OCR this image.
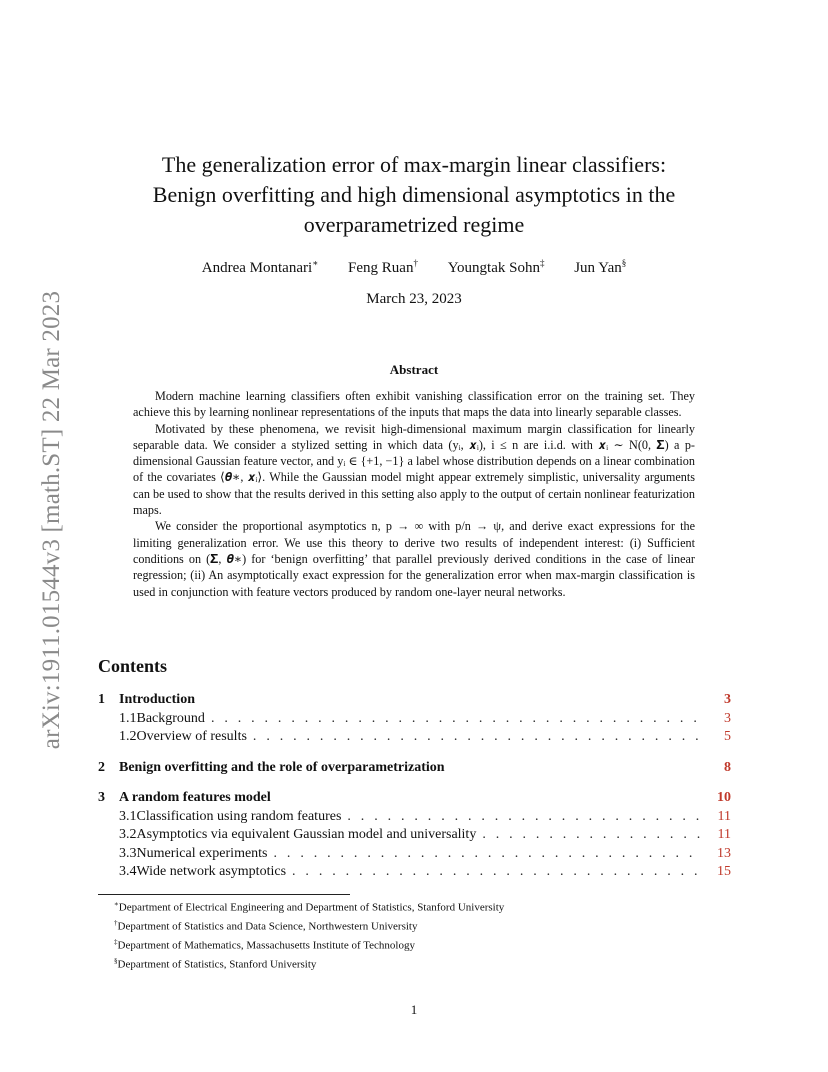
arXiv:1911.01544v3 [math.ST] 22 Mar 2023
The generalization error of max-margin linear classifiers:
Benign overfitting and high dimensional asymptotics in the
overparametrized regime
Andrea Montanari∗ Feng Ruan† Youngtak Sohn‡ Jun Yan§
March 23, 2023
Abstract

Modern machine learning classifiers often exhibit vanishing classification error on the training set. They achieve this by learning nonlinear representations of the inputs that maps the data into linearly separable classes.

Motivated by these phenomena, we revisit high-dimensional maximum margin classification for linearly separable data. We consider a stylized setting in which data (yᵢ, 𝒙ᵢ), i ≤ n are i.i.d. with 𝒙ᵢ ∼ N(0, 𝚺) a p-dimensional Gaussian feature vector, and yᵢ ∈ {+1, −1} a label whose distribution depends on a linear combination of the covariates ⟨𝜽∗, 𝒙ᵢ⟩. While the Gaussian model might appear extremely simplistic, universality arguments can be used to show that the results derived in this setting also apply to the output of certain nonlinear featurization maps.

We consider the proportional asymptotics n, p → ∞ with p/n → ψ, and derive exact expressions for the limiting generalization error. We use this theory to derive two results of independent interest: (i) Sufficient conditions on (𝚺, 𝜽∗) for ‘benign overfitting’ that parallel previously derived conditions in the case of linear regression; (ii) An asymptotically exact expression for the generalization error when max-margin classification is used in conjunction with feature vectors produced by random one-layer neural networks.

Contents
1	Introduction	3
1.1 Background . . .	3
1.2 Overview of results . . .	5
2	Benign overfitting and the role of overparametrization	8
3	A random features model	10
3.1 Classification using random features . . .	11
3.2 Asymptotics via equivalent Gaussian model and universality . . .	11
3.3 Numerical experiments . . .	13
3.4 Wide network asymptotics . . .	15
∗Department of Electrical Engineering and Department of Statistics, Stanford University
†Department of Statistics and Data Science, Northwestern University
‡Department of Mathematics, Massachusetts Institute of Technology
§Department of Statistics, Stanford University
1
